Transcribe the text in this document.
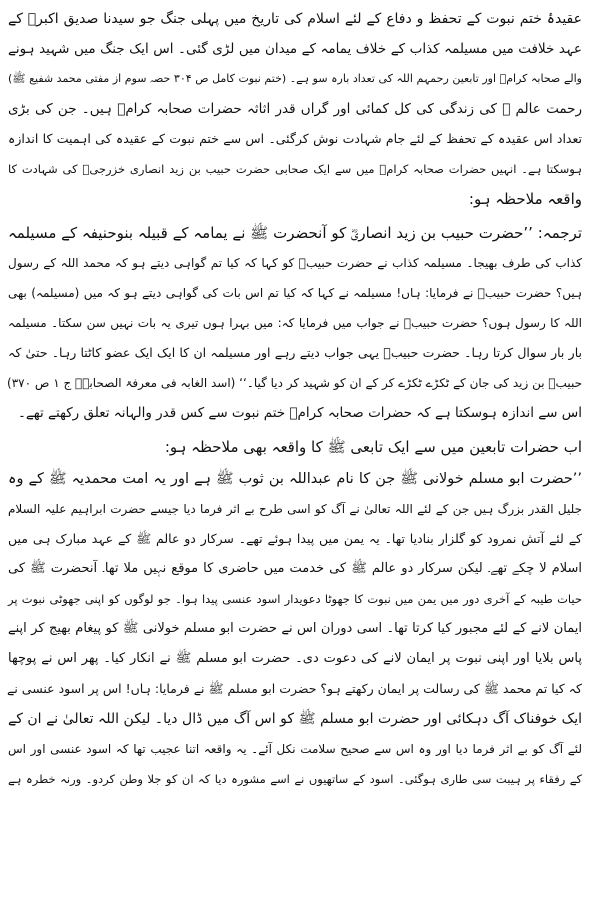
عقیدۂ ختم نبوت کے تحفظ و دفاع کے لئے اسلام کی تاریخ میں پہلی جنگ جو سیدنا صدیق اکبرؓ کے
عہد خلافت میں مسیلمہ کذاب کے خلاف یمامہ کے میدان میں لڑی گئی۔ اس ایک جنگ میں شہید ہونے
والے صحابہ کرامؓ اور تابعین رحمہم اللہ کی تعداد بارہ سو ہے۔ (ختم نبوت کامل ص ۳۰۴ حصہ سوم از مفتی محمد شفیع ﷺ)
رحمت عالم ﷺ کی زندگی کی کل کمائی اور گراں قدر اثاثہ حضرات صحابہ کرامؓ ہیں۔ جن کی بڑی
تعداد اس عقیدہ کے تحفظ کے لئے جام شہادت نوش کرگئی۔ اس سے ختم نبوت کے عقیدہ کی اہمیت کا اندازہ
ہوسکتا ہے۔ انہیں حضرات صحابہ کرامؓ میں سے ایک صحابی حضرت حبیب بن زید انصاری خزرجیؓ کی شہادت کا
واقعہ ملاحظہ ہو:
ترجمہ: ’’حضرت حبیب بن زید انصاریؓ کو آنحضرت ﷺ نے یمامہ کے قبیلہ بنوحنیفہ کے مسیلمہ
کذاب کی طرف بھیجا۔ مسیلمہ کذاب نے حضرت حبیبؓ کو کہا کہ کیا تم گواہی دیتے ہو کہ محمد اللہ کے رسول
ہیں؟ حضرت حبیبؓ نے فرمایا: ہاں! مسیلمہ نے کہا کہ کیا تم اس بات کی گواہی دیتے ہو کہ میں (مسیلمہ) بھی
اللہ کا رسول ہوں؟ حضرت حبیبؓ نے جواب میں فرمایا کہ: میں بہرا ہوں تیری یہ بات نہیں سن سکتا۔ مسیلمہ
بار بار سوال کرتا رہا۔ حضرت حبیبؓ یہی جواب دیتے رہے اور مسیلمہ ان کا ایک ایک عضو کاٹتا رہا۔ حتیٰ کہ
حبیبؓ بن زید کی جان کے ٹکڑے ٹکڑے کر کے ان کو شہید کر دیا گیا۔‘‘ (اسد الغابہ فی معرفۃ الصحابہؓ ج ۱ ص ۳۷۰)
اس سے اندازہ ہوسکتا ہے کہ حضرات صحابہ کرامؓ ختم نبوت سے کس قدر والہانہ تعلق رکھتے تھے۔
اب حضرات تابعین میں سے ایک تابعی ﷺ کا واقعہ بھی ملاحظہ ہو:
’’حضرت ابو مسلم خولانی ﷺ جن کا نام عبداللہ بن ثوب ﷺ ہے اور یہ امت محمدیہ ﷺ کے وہ
جلیل القدر بزرگ ہیں جن کے لئے اللہ تعالیٰ نے آگ کو اسی طرح بے اثر فرما دیا جیسے حضرت ابراہیم علیہ السلام
کے لئے آتش نمرود کو گلزار بنادیا تھا۔ یہ یمن میں پیدا ہوئے تھے۔ سرکار دو عالم ﷺ کے عہد مبارک ہی میں
اسلام لا چکے تھے۔ لیکن سرکار دو عالم ﷺ کی خدمت میں حاضری کا موقع نہیں ملا تھا۔ آنحضرت ﷺ کی
حیات طیبہ کے آخری دور میں یمن میں نبوت کا جھوٹا دعویدار اسود عنسی پیدا ہوا۔ جو لوگوں کو اپنی جھوٹی نبوت پر
ایمان لانے کے لئے مجبور کیا کرتا تھا۔ اسی دوران اس نے حضرت ابو مسلم خولانی ﷺ کو پیغام بھیج کر اپنے
پاس بلایا اور اپنی نبوت پر ایمان لانے کی دعوت دی۔ حضرت ابو مسلم ﷺ نے انکار کیا۔ پھر اس نے پوچھا
کہ کیا تم محمد ﷺ کی رسالت پر ایمان رکھتے ہو؟ حضرت ابو مسلم ﷺ نے فرمایا: ہاں! اس پر اسود عنسی نے
ایک خوفناک آگ دہکائی اور حضرت ابو مسلم ﷺ کو اس آگ میں ڈال دیا۔ لیکن اللہ تعالیٰ نے ان کے
لئے آگ کو بے اثر فرما دیا اور وہ اس سے صحیح سلامت نکل آئے۔ یہ واقعہ اتنا عجیب تھا کہ اسود عنسی اور اس
کے رفقاء پر ہیبت سی طاری ہوگئی۔ اسود کے ساتھیوں نے اسے مشورہ دیا کہ ان کو جلا وطن کردو۔ ورنہ خطرہ ہے
